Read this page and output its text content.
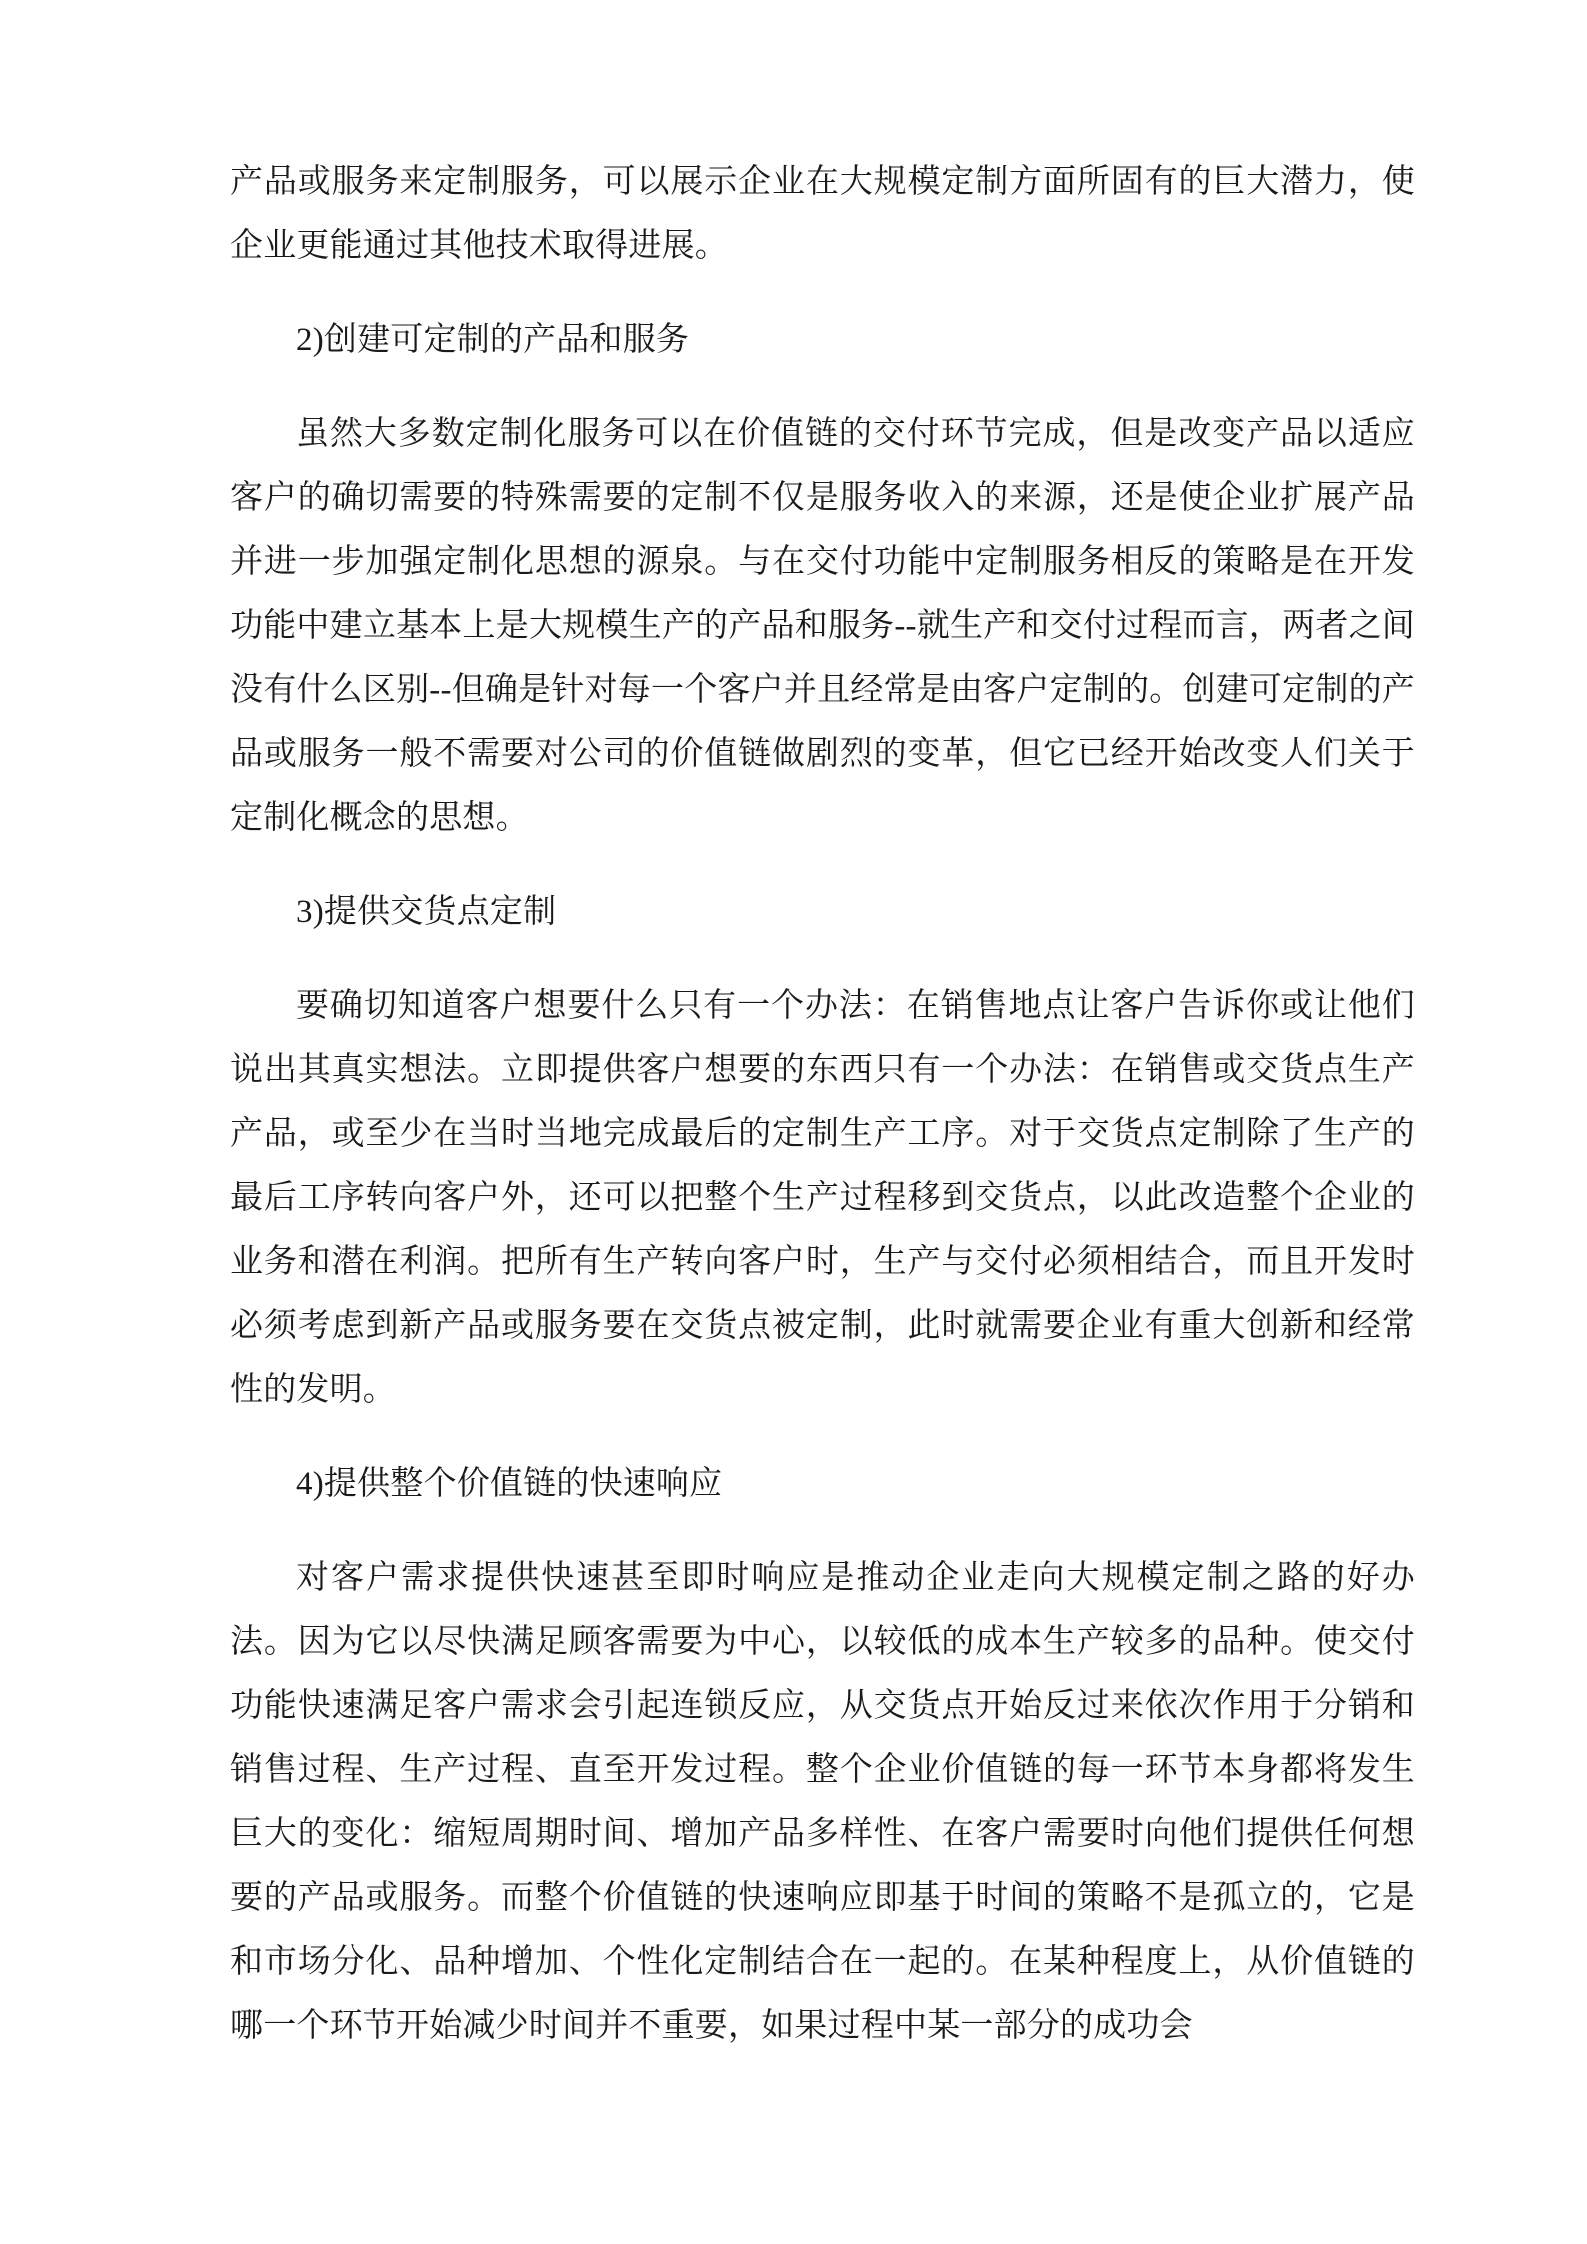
产品或服务来定制服务，可以展示企业在大规模定制方面所固有的巨大潜力，使企业更能通过其他技术取得进展。

2)创建可定制的产品和服务

虽然大多数定制化服务可以在价值链的交付环节完成，但是改变产品以适应客户的确切需要的特殊需要的定制不仅是服务收入的来源，还是使企业扩展产品并进一步加强定制化思想的源泉。与在交付功能中定制服务相反的策略是在开发功能中建立基本上是大规模生产的产品和服务--就生产和交付过程而言，两者之间没有什么区别--但确是针对每一个客户并且经常是由客户定制的。创建可定制的产品或服务一般不需要对公司的价值链做剧烈的变革，但它已经开始改变人们关于定制化概念的思想。

3)提供交货点定制

要确切知道客户想要什么只有一个办法：在销售地点让客户告诉你或让他们说出其真实想法。立即提供客户想要的东西只有一个办法：在销售或交货点生产产品，或至少在当时当地完成最后的定制生产工序。对于交货点定制除了生产的最后工序转向客户外，还可以把整个生产过程移到交货点，以此改造整个企业的业务和潜在利润。把所有生产转向客户时，生产与交付必须相结合，而且开发时必须考虑到新产品或服务要在交货点被定制，此时就需要企业有重大创新和经常性的发明。

4)提供整个价值链的快速响应

对客户需求提供快速甚至即时响应是推动企业走向大规模定制之路的好办法。因为它以尽快满足顾客需要为中心，以较低的成本生产较多的品种。使交付功能快速满足客户需求会引起连锁反应，从交货点开始反过来依次作用于分销和销售过程、生产过程、直至开发过程。整个企业价值链的每一环节本身都将发生巨大的变化：缩短周期时间、增加产品多样性、在客户需要时向他们提供任何想要的产品或服务。而整个价值链的快速响应即基于时间的策略不是孤立的，它是和市场分化、品种增加、个性化定制结合在一起的。在某种程度上，从价值链的哪一个环节开始减少时间并不重要，如果过程中某一部分的成功会
